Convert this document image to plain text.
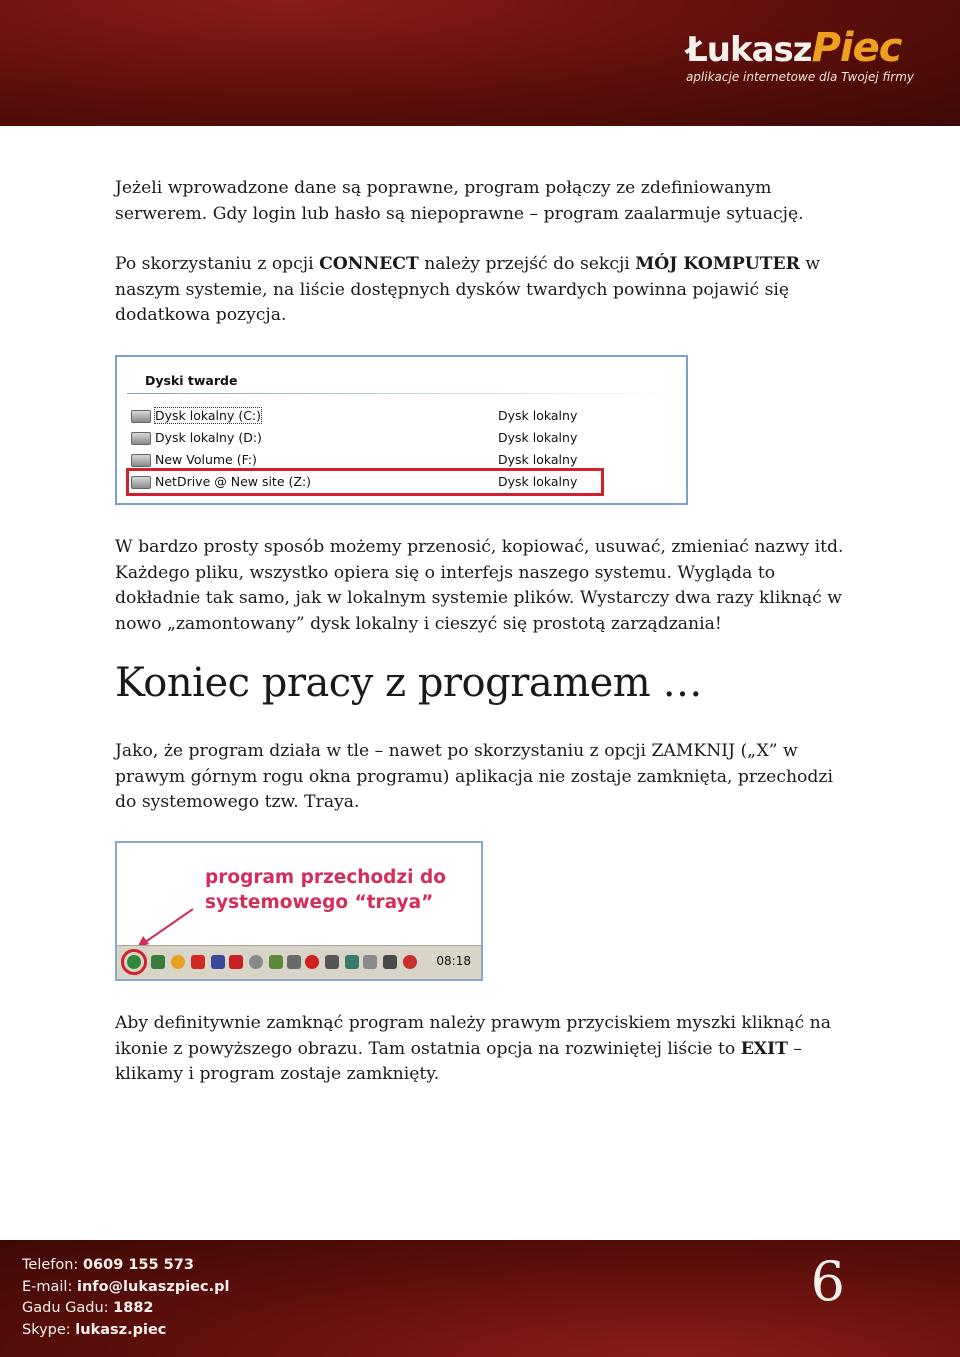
ŁukaszPiec
aplikacje internetowe dla Twojej firmy
Jeżeli wprowadzone dane są poprawne, program połączy ze zdefiniowanym serwerem. Gdy login lub hasło są niepoprawne – program zaalarmuje sytuację.
Po skorzystaniu z opcji CONNECT należy przejść do sekcji MÓJ KOMPUTER w naszym systemie, na liście dostępnych dysków twardych powinna pojawić się dodatkowa pozycja.
Dyski twarde
Dysk lokalny (C:)	Dysk lokalny
Dysk lokalny (D:)	Dysk lokalny
New Volume (F:)	Dysk lokalny
NetDrive @ New site (Z:)	Dysk lokalny
W bardzo prosty sposób możemy przenosić, kopiować, usuwać, zmieniać nazwy itd. Każdego pliku, wszystko opiera się o interfejs naszego systemu. Wygląda to dokładnie tak samo, jak w lokalnym systemie plików. Wystarczy dwa razy kliknąć w nowo „zamontowany” dysk lokalny i cieszyć się prostotą zarządzania!
Koniec pracy z programem …
Jako, że program działa w tle – nawet po skorzystaniu z opcji ZAMKNIJ („X” w prawym górnym rogu okna programu) aplikacja nie zostaje zamknięta, przechodzi do systemowego tzw. Traya.
program przechodzi do
systemowego “traya”
08:18
Aby definitywnie zamknąć program należy prawym przyciskiem myszki kliknąć na ikonie z powyższego obrazu. Tam ostatnia opcja na rozwiniętej liście to EXIT – klikamy i program zostaje zamknięty.
Telefon: 0609 155 573
E-mail: info@lukaszpiec.pl
Gadu Gadu: 1882
Skype: lukasz.piec
6
